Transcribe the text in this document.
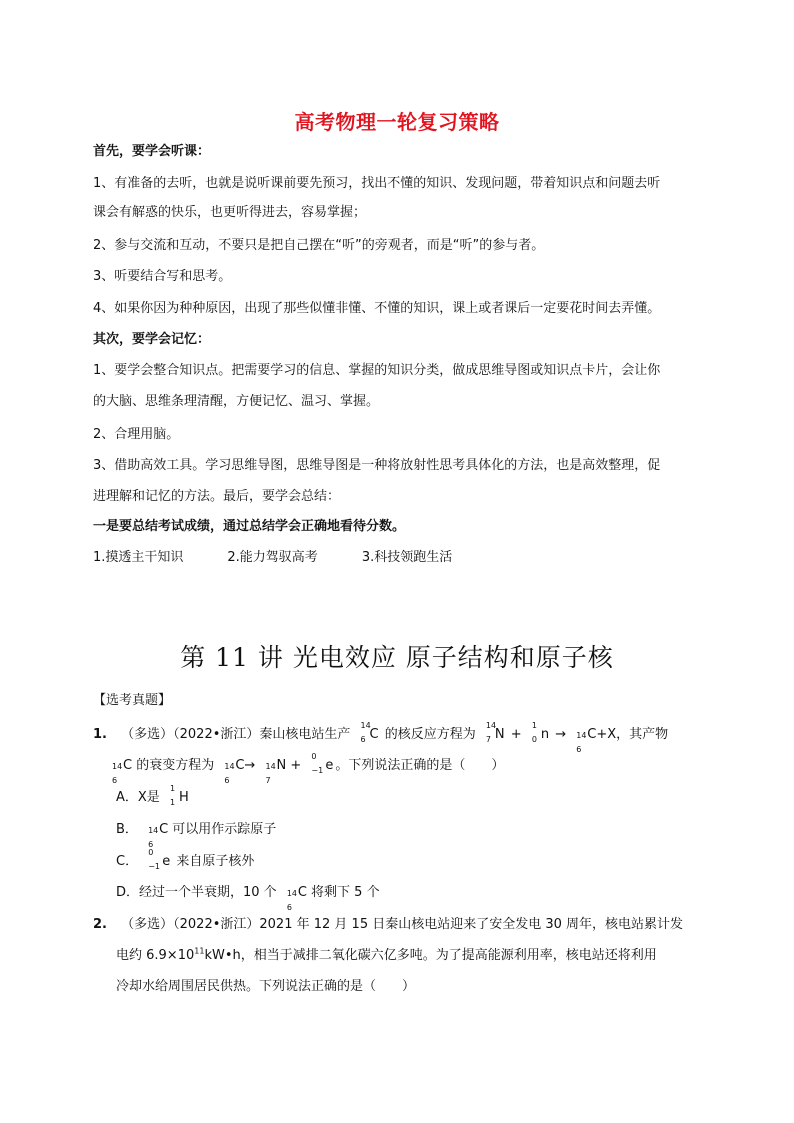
高考物理一轮复习策略
首先，要学会听课：
1、有准备的去听，也就是说听课前要先预习，找出不懂的知识、发现问题，带着知识点和问题去听
课会有解惑的快乐，也更听得进去，容易掌握；
2、参与交流和互动，不要只是把自己摆在“听”的旁观者，而是“听”的参与者。
3、听要结合写和思考。
4、如果你因为种种原因，出现了那些似懂非懂、不懂的知识，课上或者课后一定要花时间去弄懂。
其次，要学会记忆：
1、要学会整合知识点。把需要学习的信息、掌握的知识分类，做成思维导图或知识点卡片，会让你
的大脑、思维条理清醒，方便记忆、温习、掌握。
2、合理用脑。
3、借助高效工具。学习思维导图，思维导图是一种将放射性思考具体化的方法，也是高效整理，促
进理解和记忆的方法。最后，要学会总结：
一是要总结考试成绩，通过总结学会正确地看待分数。
1.摸透主干知识	2.能力驾驭高考	3.科技领跑生活
第 11 讲 光电效应 原子结构和原子核
【选考真题】
1. （多选）（2022•浙江）秦山核电站生产
14
6 C 的核反应方程为
14
7 N +
1
0 n → 14
6
C+X，其产物
14
6
C 的衰变方程为 14
6
C→ 14
7
N +
0
−1 e 。下列说法正确的是（　　）
A．X是
1
1 H
B． 14
6
C 可以用作示踪原子
C．
0
−1 e 来自原子核外
D．经过一个半衰期，10 个 14
6
C 将剩下 5 个
2. （多选）（2022•浙江）2021 年 12 月 15 日秦山核电站迎来了安全发电 30 周年，核电站累计发
电约 $6.9\times 10^{11}kW•h$，相当于减排二氧化碳六亿多吨。为了提高能源利用率，核电站还将利用
冷却水给周围居民供热。下列说法正确的是（　　）
